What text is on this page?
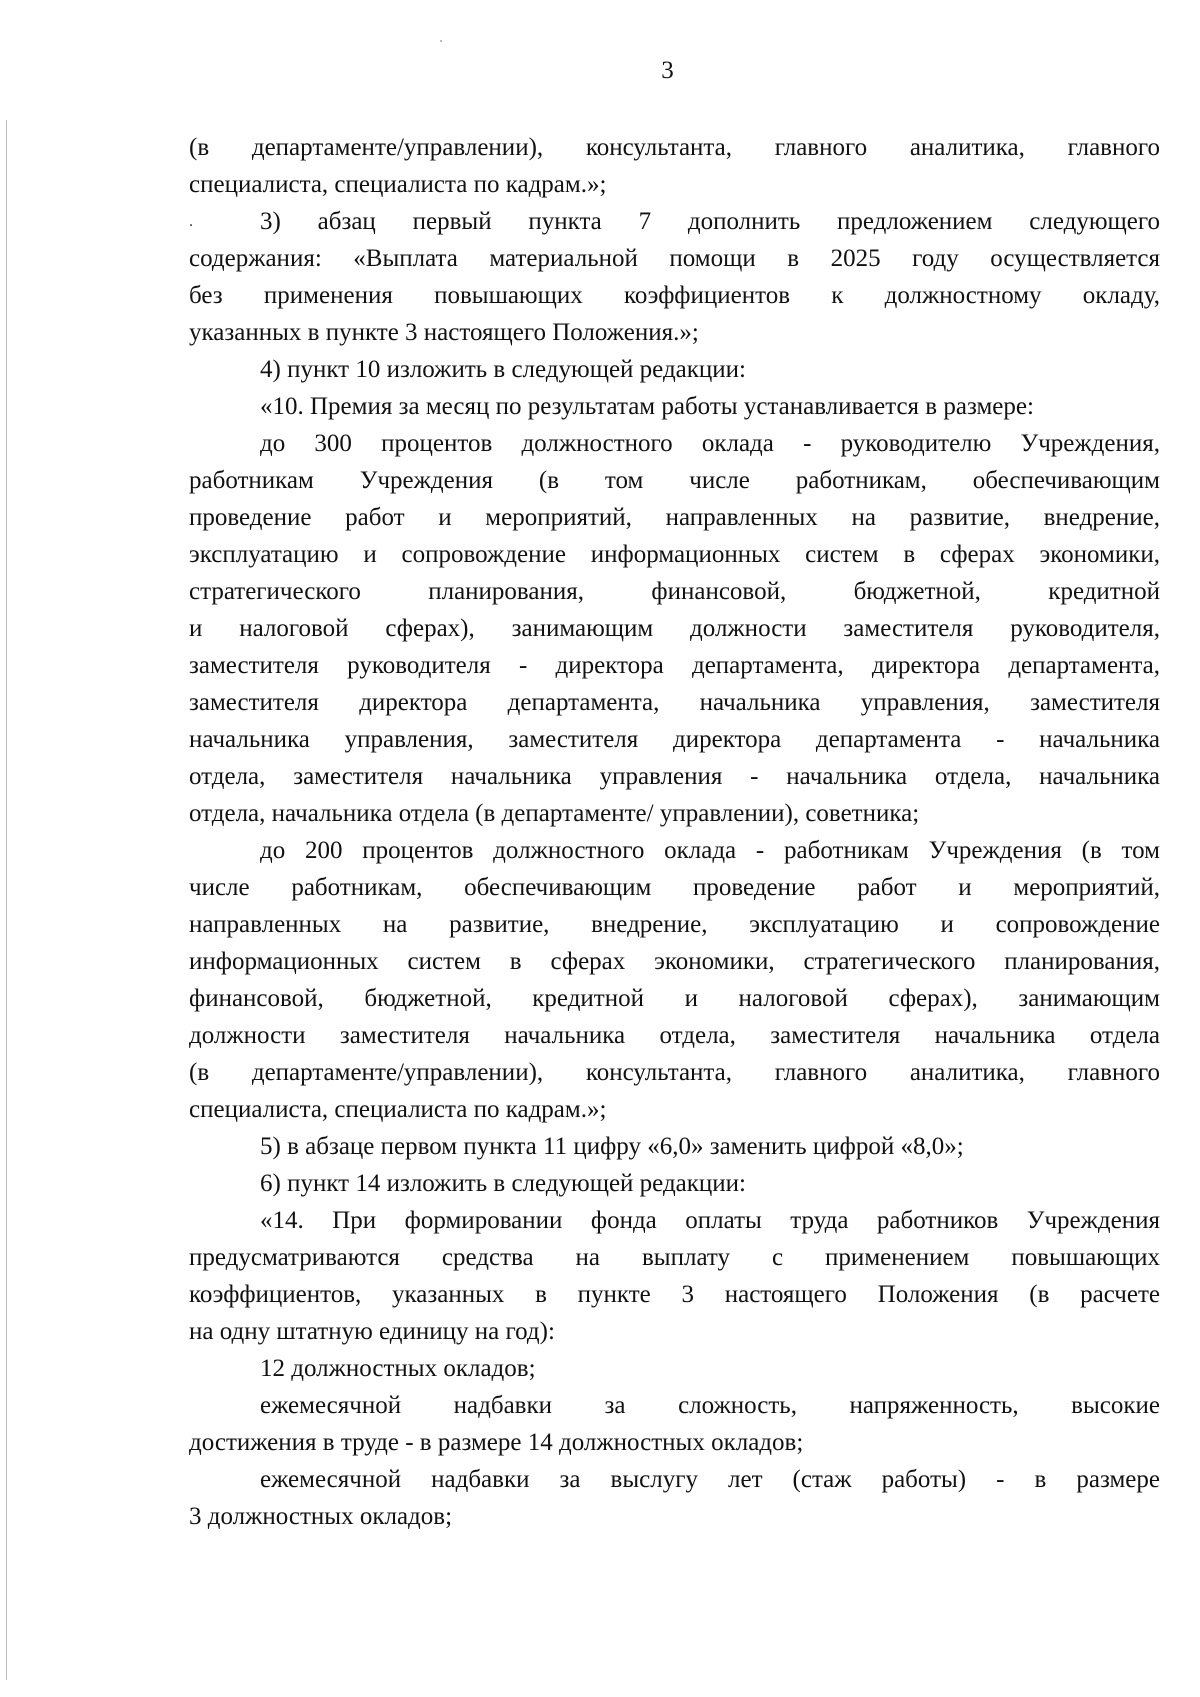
3
(в департаменте/управлении), консультанта, главного аналитика, главного
специалиста, специалиста по кадрам.»;
.	3) абзац первый пункта 7 дополнить предложением следующего
содержания: «Выплата материальной помощи в 2025 году осуществляется
без применения повышающих коэффициентов к должностному окладу,
указанных в пункте 3 настоящего Положения.»;
4) пункт 10 изложить в следующей редакции:
«10. Премия за месяц по результатам работы устанавливается в размере:
до 300 процентов должностного оклада - руководителю Учреждения,
работникам Учреждения (в том числе работникам, обеспечивающим
проведение работ и мероприятий, направленных на развитие, внедрение,
эксплуатацию и сопровождение информационных систем в сферах экономики,
стратегического планирования, финансовой, бюджетной, кредитной
и налоговой сферах), занимающим должности заместителя руководителя,
заместителя руководителя - директора департамента, директора департамента,
заместителя директора департамента, начальника управления, заместителя
начальника управления, заместителя директора департамента - начальника
отдела, заместителя начальника управления - начальника отдела, начальника
отдела, начальника отдела (в департаменте/ управлении), советника;
до 200 процентов должностного оклада - работникам Учреждения (в том
числе работникам, обеспечивающим проведение работ и мероприятий,
направленных на развитие, внедрение, эксплуатацию и сопровождение
информационных систем в сферах экономики, стратегического планирования,
финансовой, бюджетной, кредитной и налоговой сферах), занимающим
должности заместителя начальника отдела, заместителя начальника отдела
(в департаменте/управлении), консультанта, главного аналитика, главного
специалиста, специалиста по кадрам.»;
5) в абзаце первом пункта 11 цифру «6,0» заменить цифрой «8,0»;
6) пункт 14 изложить в следующей редакции:
«14. При формировании фонда оплаты труда работников Учреждения
предусматриваются средства на выплату с применением повышающих
коэффициентов, указанных в пункте 3 настоящего Положения (в расчете
на одну штатную единицу на год):
12 должностных окладов;
ежемесячной надбавки за сложность, напряженность, высокие
достижения в труде - в размере 14 должностных окладов;
ежемесячной надбавки за выслугу лет (стаж работы) - в размере
3 должностных окладов;
